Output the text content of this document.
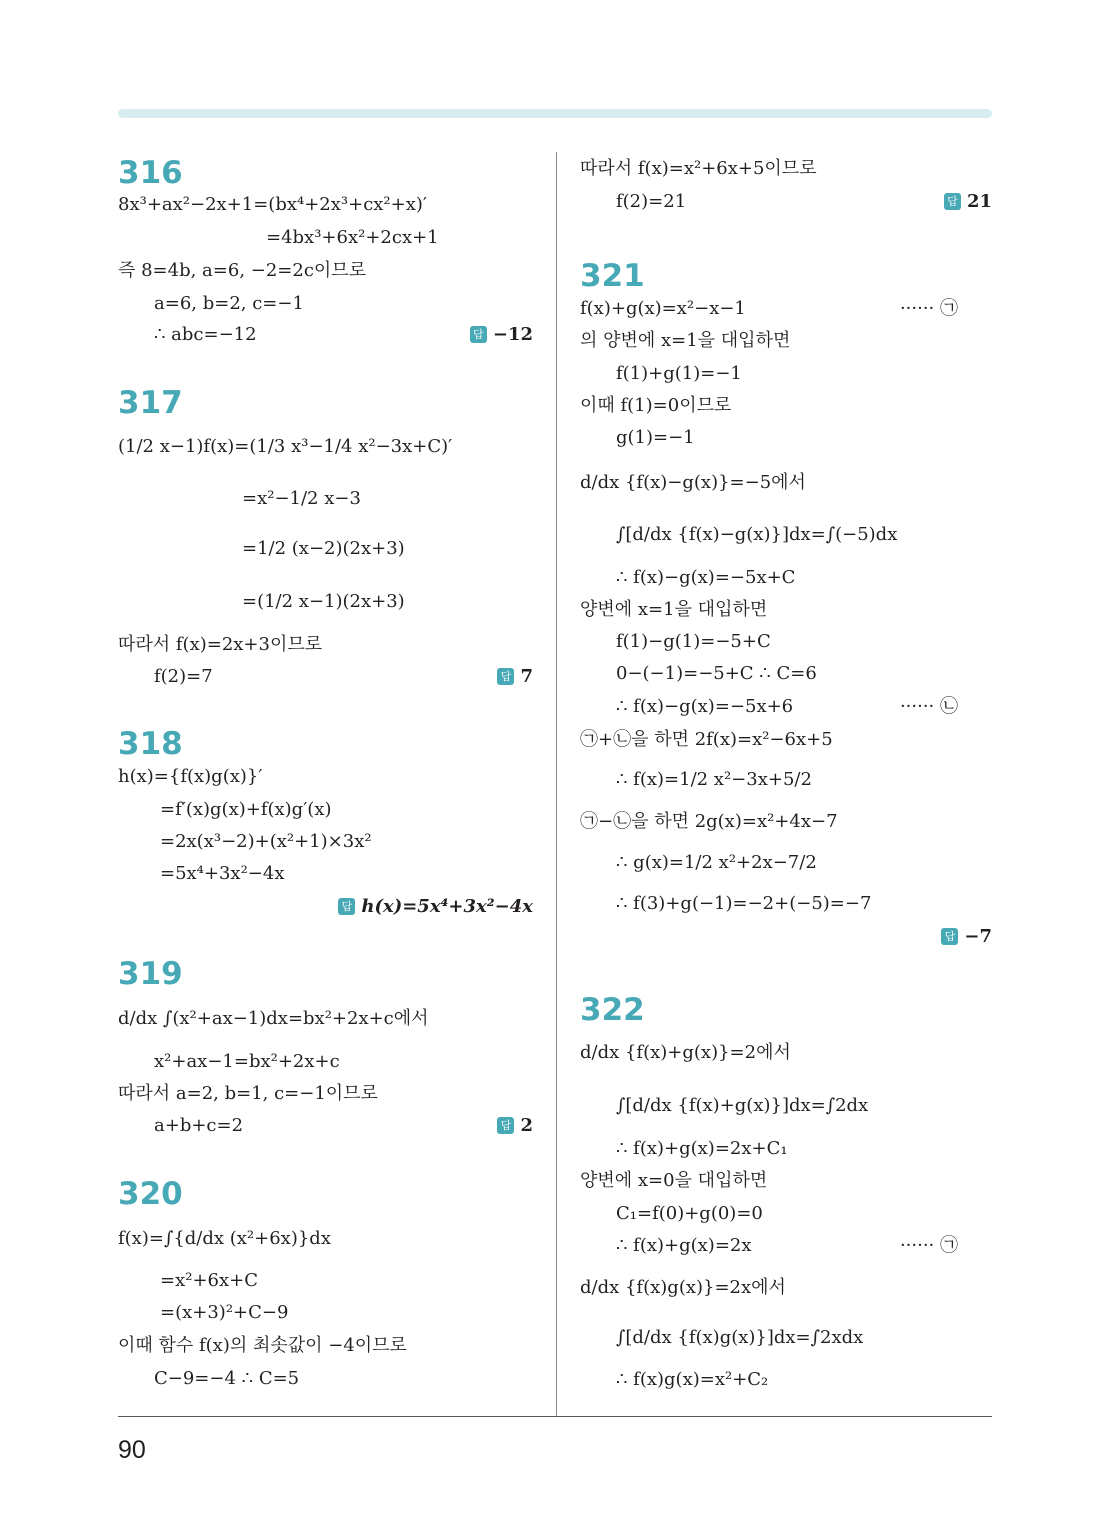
90
316
8x³+ax²−2x+1=(bx⁴+2x³+cx²+x)′
=4bx³+6x²+2cx+1
즉 8=4b, a=6, −2=2c이므로
a=6, b=2, c=−1
∴ abc=−12	답 −12
317
(1/2 x−1)f(x)=(1/3 x³−1/4 x²−3x+C)′
=x²−1/2 x−3
=1/2 (x−2)(2x+3)
=(1/2 x−1)(2x+3)
따라서 f(x)=2x+3이므로
f(2)=7	답 7
318
h(x)={f(x)g(x)}′
=f′(x)g(x)+f(x)g′(x)
=2x(x³−2)+(x²+1)×3x²
=5x⁴+3x²−4x
답 h(x)=5x⁴+3x²−4x
319
d/dx ∫(x²+ax−1)dx=bx²+2x+c에서
x²+ax−1=bx²+2x+c
따라서 a=2, b=1, c=−1이므로
a+b+c=2	답 2
320
f(x)=∫{d/dx (x²+6x)}dx
=x²+6x+C
=(x+3)²+C−9
이때 함수 f(x)의 최솟값이 −4이므로
C−9=−4 ∴ C=5
따라서 f(x)=x²+6x+5이므로
f(2)=21	답 21
321
f(x)+g(x)=x²−x−1	······ ㉠
의 양변에 x=1을 대입하면
f(1)+g(1)=−1
이때 f(1)=0이므로
g(1)=−1
d/dx {f(x)−g(x)}=−5에서
∫[d/dx {f(x)−g(x)}]dx=∫(−5)dx
∴ f(x)−g(x)=−5x+C
양변에 x=1을 대입하면
f(1)−g(1)=−5+C
0−(−1)=−5+C ∴ C=6
∴ f(x)−g(x)=−5x+6	······ ㉡
㉠+㉡을 하면 2f(x)=x²−6x+5
∴ f(x)=1/2 x²−3x+5/2
㉠−㉡을 하면 2g(x)=x²+4x−7
∴ g(x)=1/2 x²+2x−7/2
∴ f(3)+g(−1)=−2+(−5)=−7
답 −7
322
d/dx {f(x)+g(x)}=2에서
∫[d/dx {f(x)+g(x)}]dx=∫2dx
∴ f(x)+g(x)=2x+C₁
양변에 x=0을 대입하면
C₁=f(0)+g(0)=0
∴ f(x)+g(x)=2x	······ ㉠
d/dx {f(x)g(x)}=2x에서
∫[d/dx {f(x)g(x)}]dx=∫2xdx
∴ f(x)g(x)=x²+C₂
